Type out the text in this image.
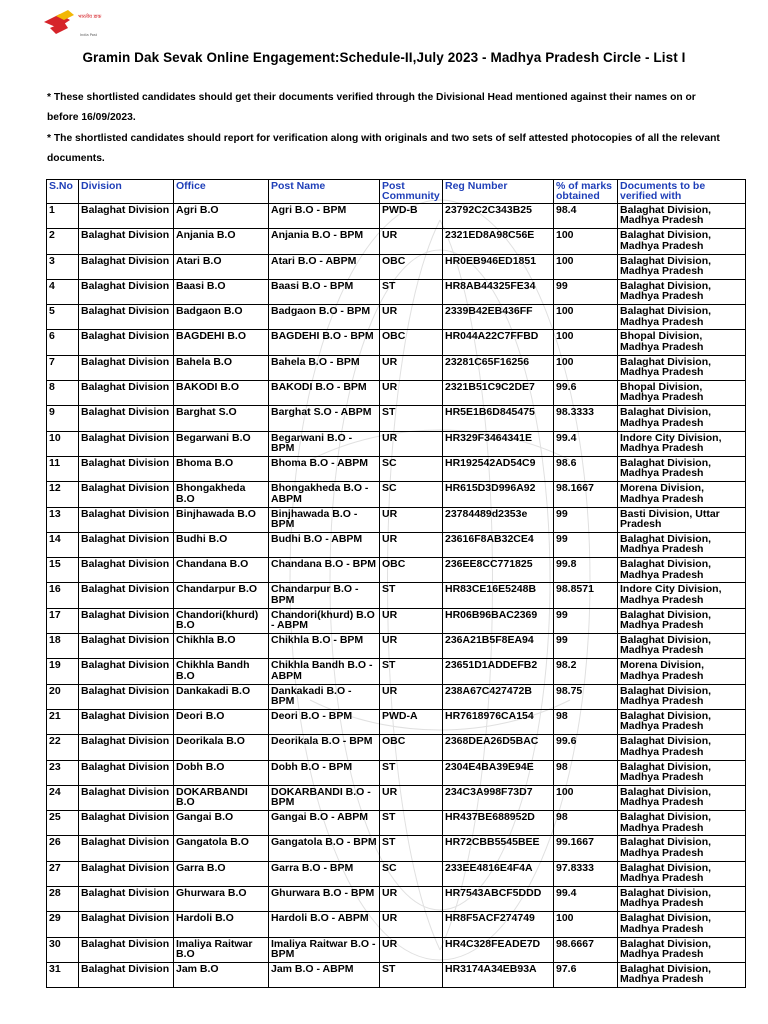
भारतीय डाक
India Post
Gramin Dak Sevak Online Engagement:Schedule-II,July 2023 - Madhya Pradesh Circle - List I

* These shortlisted candidates should get their documents verified through the Divisional Head mentioned against their names on or before 16/09/2023.

* The shortlisted candidates should report for verification along with originals and two sets of self attested photocopies of all the relevant documents.

S.No	Division	Office	Post Name	Post Community	Reg Number	% of marks obtained	Documents to be verified with
1	Balaghat Division	Agri B.O	Agri B.O - BPM	PWD-B	23792C2C343B25	98.4	Balaghat Division, Madhya Pradesh
2	Balaghat Division	Anjania B.O	Anjania B.O - BPM	UR	2321ED8A98C56E	100	Balaghat Division, Madhya Pradesh
3	Balaghat Division	Atari B.O	Atari B.O - ABPM	OBC	HR0EB946ED1851	100	Balaghat Division, Madhya Pradesh
4	Balaghat Division	Baasi B.O	Baasi B.O - BPM	ST	HR8AB44325FE34	99	Balaghat Division, Madhya Pradesh
5	Balaghat Division	Badgaon B.O	Badgaon B.O - BPM	UR	2339B42EB436FF	100	Balaghat Division, Madhya Pradesh
6	Balaghat Division	BAGDEHI B.O	BAGDEHI B.O - BPM	OBC	HR044A22C7FFBD	100	Bhopal Division, Madhya Pradesh
7	Balaghat Division	Bahela B.O	Bahela B.O - BPM	UR	23281C65F16256	100	Balaghat Division, Madhya Pradesh
8	Balaghat Division	BAKODI B.O	BAKODI B.O - BPM	UR	2321B51C9C2DE7	99.6	Bhopal Division, Madhya Pradesh
9	Balaghat Division	Barghat S.O	Barghat S.O - ABPM	ST	HR5E1B6D845475	98.3333	Balaghat Division, Madhya Pradesh
10	Balaghat Division	Begarwani B.O	Begarwani B.O - BPM	UR	HR329F3464341E	99.4	Indore City Division, Madhya Pradesh
11	Balaghat Division	Bhoma B.O	Bhoma B.O - ABPM	SC	HR192542AD54C9	98.6	Balaghat Division, Madhya Pradesh
12	Balaghat Division	Bhongakheda B.O	Bhongakheda B.O - ABPM	SC	HR615D3D996A92	98.1667	Morena Division, Madhya Pradesh
13	Balaghat Division	Binjhawada B.O	Binjhawada B.O - BPM	UR	23784489d2353e	99	Basti Division, Uttar Pradesh
14	Balaghat Division	Budhi B.O	Budhi B.O - ABPM	UR	23616F8AB32CE4	99	Balaghat Division, Madhya Pradesh
15	Balaghat Division	Chandana B.O	Chandana B.O - BPM	OBC	236EE8CC771825	99.8	Balaghat Division, Madhya Pradesh
16	Balaghat Division	Chandarpur B.O	Chandarpur B.O - BPM	ST	HR83CE16E5248B	98.8571	Indore City Division, Madhya Pradesh
17	Balaghat Division	Chandori(khurd) B.O	Chandori(khurd) B.O - ABPM	UR	HR06B96BAC2369	99	Balaghat Division, Madhya Pradesh
18	Balaghat Division	Chikhla B.O	Chikhla B.O - BPM	UR	236A21B5F8EA94	99	Balaghat Division, Madhya Pradesh
19	Balaghat Division	Chikhla Bandh B.O	Chikhla Bandh B.O - ABPM	ST	23651D1ADDEFB2	98.2	Morena Division, Madhya Pradesh
20	Balaghat Division	Dankakadi B.O	Dankakadi B.O - BPM	UR	238A67C427472B	98.75	Balaghat Division, Madhya Pradesh
21	Balaghat Division	Deori B.O	Deori B.O - BPM	PWD-A	HR7618976CA154	98	Balaghat Division, Madhya Pradesh
22	Balaghat Division	Deorikala B.O	Deorikala B.O - BPM	OBC	2368DEA26D5BAC	99.6	Balaghat Division, Madhya Pradesh
23	Balaghat Division	Dobh B.O	Dobh B.O - BPM	ST	2304E4BA39E94E	98	Balaghat Division, Madhya Pradesh
24	Balaghat Division	DOKARBANDI B.O	DOKARBANDI B.O - BPM	UR	234C3A998F73D7	100	Balaghat Division, Madhya Pradesh
25	Balaghat Division	Gangai B.O	Gangai B.O - ABPM	ST	HR437BE688952D	98	Balaghat Division, Madhya Pradesh
26	Balaghat Division	Gangatola B.O	Gangatola B.O - BPM	ST	HR72CBB5545BEE	99.1667	Balaghat Division, Madhya Pradesh
27	Balaghat Division	Garra B.O	Garra B.O - BPM	SC	233EE4816E4F4A	97.8333	Balaghat Division, Madhya Pradesh
28	Balaghat Division	Ghurwara B.O	Ghurwara B.O - BPM	UR	HR7543ABCF5DDD	99.4	Balaghat Division, Madhya Pradesh
29	Balaghat Division	Hardoli B.O	Hardoli B.O - ABPM	UR	HR8F5ACF274749	100	Balaghat Division, Madhya Pradesh
30	Balaghat Division	Imaliya Raitwar B.O	Imaliya Raitwar B.O - BPM	UR	HR4C328FEADE7D	98.6667	Balaghat Division, Madhya Pradesh
31	Balaghat Division	Jam B.O	Jam B.O - ABPM	ST	HR3174A34EB93A	97.6	Balaghat Division, Madhya Pradesh
